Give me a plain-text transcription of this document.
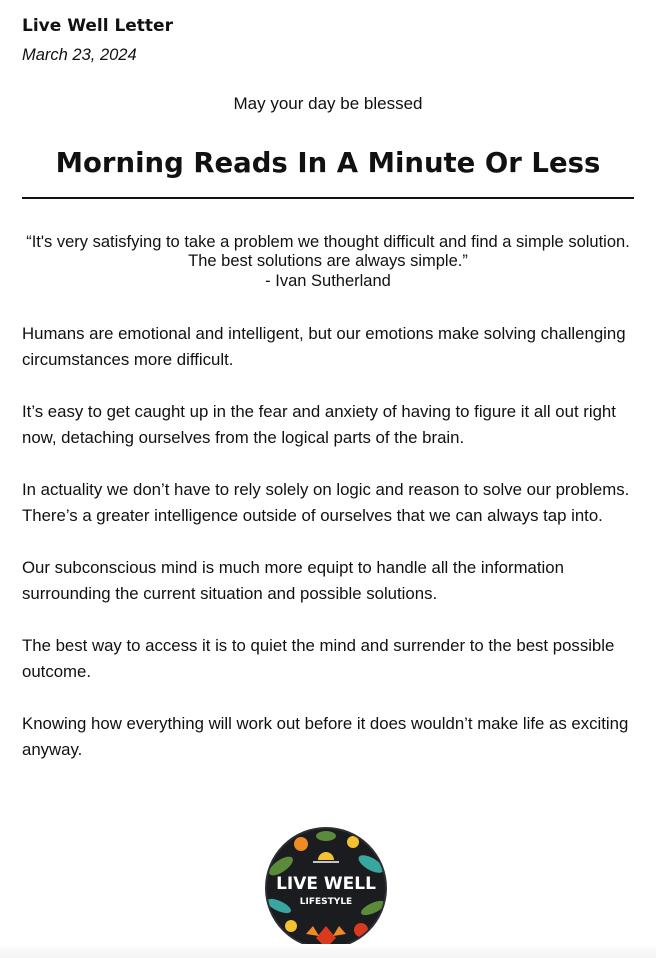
Live Well Letter
March 23, 2024
May your day be blessed
Morning Reads In A Minute Or Less
“It's very satisfying to take a problem we thought difficult and find a simple solution. The best solutions are always simple.”
- Ivan Sutherland

Humans are emotional and intelligent, but our emotions make solving challenging circumstances more difficult.

It’s easy to get caught up in the fear and anxiety of having to figure it all out right now, detaching ourselves from the logical parts of the brain.

In actuality we don’t have to rely solely on logic and reason to solve our problems. There’s a greater intelligence outside of ourselves that we can always tap into.

Our subconscious mind is much more equipt to handle all the information surrounding the current situation and possible solutions.

The best way to access it is to quiet the mind and surrender to the best possible outcome.

Knowing how everything will work out before it does wouldn’t make life as exciting anyway.

LIVE WELL
LIFESTYLE
